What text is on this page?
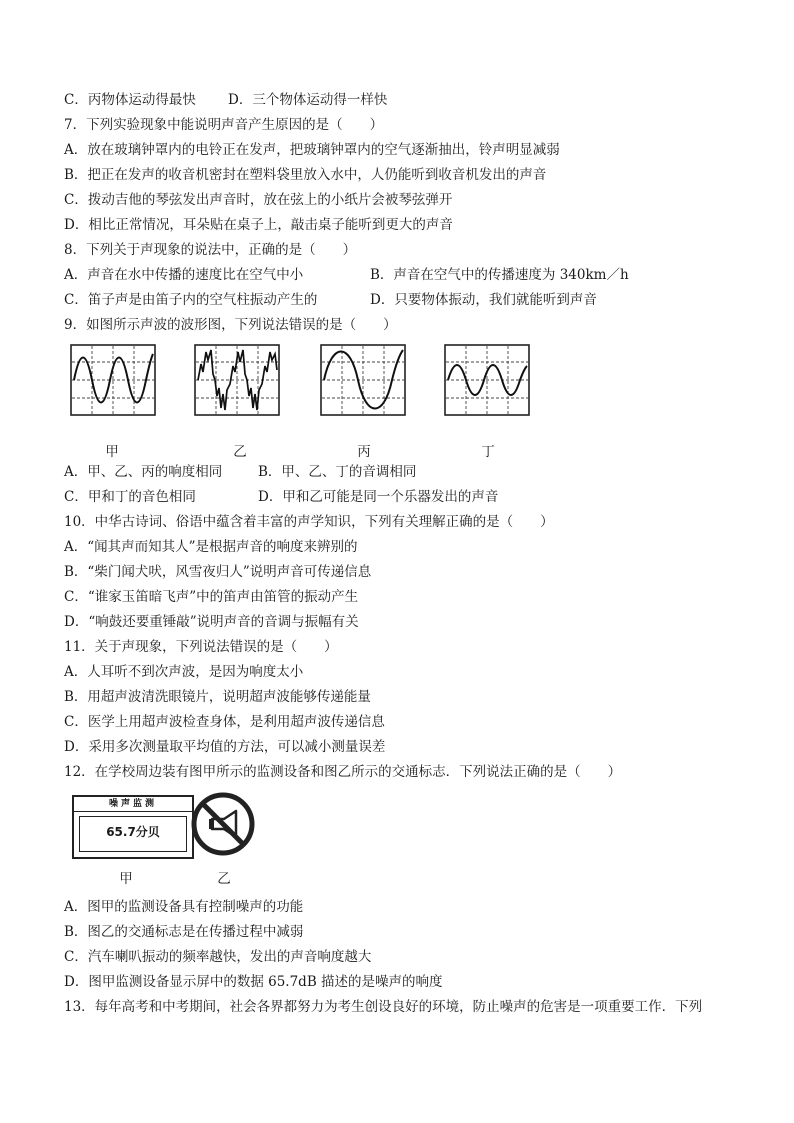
C．丙物体运动得最快	D．三个物体运动得一样快
7．下列实验现象中能说明声音产生原因的是（　　）
A．放在玻璃钟罩内的电铃正在发声，把玻璃钟罩内的空气逐渐抽出，铃声明显减弱
B．把正在发声的收音机密封在塑料袋里放入水中，人仍能听到收音机发出的声音
C．拨动吉他的琴弦发出声音时，放在弦上的小纸片会被琴弦弹开
D．相比正常情况，耳朵贴在桌子上，敲击桌子能听到更大的声音
8．下列关于声现象的说法中，正确的是（　　）
A．声音在水中传播的速度比在空气中小	B．声音在空气中的传播速度为 340km／h
C．笛子声是由笛子内的空气柱振动产生的	D．只要物体振动，我们就能听到声音
9．如图所示声波的波形图，下列说法错误的是（　　）
甲	乙	丙	丁
A．甲、乙、丙的响度相同	B．甲、乙、丁的音调相同
C．甲和丁的音色相同	D．甲和乙可能是同一个乐器发出的声音
10．中华古诗词、俗语中蕴含着丰富的声学知识，下列有关理解正确的是（　　）
A．“闻其声而知其人”是根据声音的响度来辨别的
B．“柴门闻犬吠，风雪夜归人”说明声音可传递信息
C．“谁家玉笛暗飞声”中的笛声由笛管的振动产生
D．“响鼓还要重锤敲”说明声音的音调与振幅有关
11．关于声现象，下列说法错误的是（　　）
A．人耳听不到次声波，是因为响度太小
B．用超声波清洗眼镜片，说明超声波能够传递能量
C．医学上用超声波检查身体，是利用超声波传递信息
D．采用多次测量取平均值的方法，可以减小测量误差
12．在学校周边装有图甲所示的监测设备和图乙所示的交通标志．下列说法正确的是（　　）
噪声监测
65.7分贝
甲	乙
A．图甲的监测设备具有控制噪声的功能
B．图乙的交通标志是在传播过程中减弱
C．汽车喇叭振动的频率越快，发出的声音响度越大
D．图甲监测设备显示屏中的数据 65.7dB 描述的是噪声的响度
13．每年高考和中考期间，社会各界都努力为考生创设良好的环境，防止噪声的危害是一项重要工作．下列
